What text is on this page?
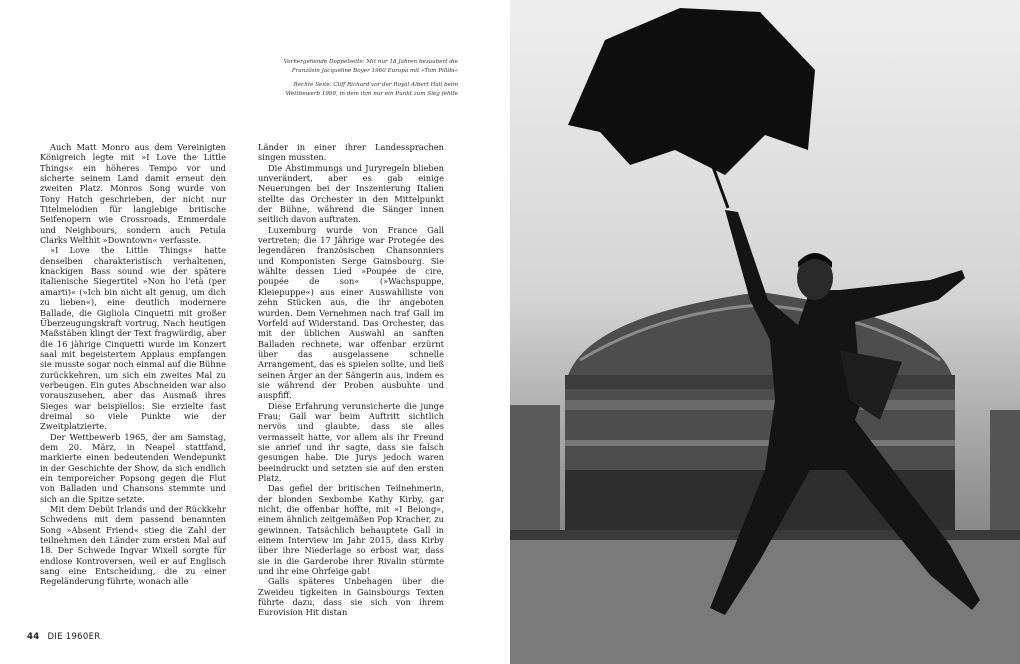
Vorhergehende Doppelseite: Mit nur 18 Jahren bezaubert die Französin Jacqueline Boyer 1960 Europa mit »Tom Pillibi«

Rechte Seite: Cliff Richard vor der Royal Albert Hall beim Wettbewerb 1968, in dem ihm nur ein Punkt zum Sieg fehlte

Auch Matt Monro aus dem Vereinigten Königreich legte mit »I Love the Little Things« ein höheres Tempo vor und sicherte seinem Land damit erneut den zweiten Platz. Monros Song wurde von Tony Hatch geschrieben, der nicht nur Titelmelodien für langlebige britische Seifenopern wie Crossroads, Emmerdale und Neighbours, sondern auch Petula Clarks Welthit »Downtown« verfasste.

»I Love the Little Things« hatte denselben charakteristisch verhaltenen, knackigen Bass sound wie der spätere italienische Siegertitel »Non ho l'età (per amarti)« (»Ich bin nicht alt genug, um dich zu lieben«), eine deutlich modernere Ballade, die Gigliola Cinquetti mit großer Überzeugungskraft vortrug. Nach heutigen Maßstäben klingt der Text fragwürdig, aber die 16 jährige Cinquetti wurde im Konzert saal mit begeistertem Applaus empfangen sie musste sogar noch einmal auf die Bühne zurückkehren, um sich ein zweites Mal zu verbeugen. Ein gutes Abschneiden war also vorauszusehen, aber das Ausmaß ihres Sieges war beispiellos: Sie erzielte fast dreimal so viele Punkte wie der Zweitplatzierte.

Der Wettbewerb 1965, der am Samstag, dem 20. März, in Neapel stattfand, markierte einen bedeutenden Wendepunkt in der Geschichte der Show, da sich endlich ein temporeicher Popsong gegen die Flut von Balladen und Chansons stemmte und sich an die Spitze setzte.

Mit dem Debüt Irlands und der Rückkehr Schwedens mit dem passend benannten Song »Absent Friend« stieg die Zahl der teilnehmen den Länder zum ersten Mal auf 18. Der Schwede Ingvar Wixell sorgte für endlose Kontroversen, weil er auf Englisch sang eine Entscheidung, die zu einer Regeländerung führte, wonach alle

Länder in einer ihrer Landessprachen singen mussten.

Die Abstimmungs und Juryregeln blieben unverändert, aber es gab einige Neuerungen bei der Inszenierung Italien stellte das Orchester in den Mittelpunkt der Bühne, während die Sänger innen seitlich davon auftraten.

Luxemburg wurde von France Gall vertreten; die 17 Jährige war Protegée des legendären französischen Chansonniers und Komponisten Serge Gainsbourg. Sie wählte dessen Lied »Poupée de cire, poupée de son« (»Wachspuppe, Kleiepuppe«) aus einer Auswahlliste von zehn Stücken aus, die ihr angeboten wurden. Dem Vernehmen nach traf Gall im Vorfeld auf Widerstand. Das Orchester, das mit der üblichen Auswahl an sanften Balladen rechnete, war offenbar erzürnt über das ausgelassene schnelle Arrangement, das es spielen sollte, und ließ seinen Ärger an der Sängerin aus, indem es sie während der Proben ausbuhte und auspfiff.

Diese Erfahrung verunsicherte die junge Frau; Gall war beim Auftritt sichtlich nervös und glaubte, dass sie alles vermasselt hatte, vor allem als ihr Freund sie anrief und ihr sagte, dass sie falsch gesungen habe. Die Jurys jedoch waren beeindruckt und setzten sie auf den ersten Platz.

Das gefiel der britischen Teilnehmerin, der blonden Sexbombe Kathy Kirby, gar nicht, die offenbar hoffte, mit »I Belong«, einem ähnlich zeitgemäßen Pop Kracher, zu gewinnen. Tatsächlich behauptete Gall in einem Interview im Jahr 2015, dass Kirby über ihre Niederlage so erbost war, dass sie in die Garderobe ihrer Rivalin stürmte und ihr eine Ohrfeige gab!

Galls späteres Unbehagen über die Zweideu tigkeiten in Gainsbourgs Texten führte dazu, dass sie sich von ihrem Eurovision Hit distan

44 DIE 1960ER
